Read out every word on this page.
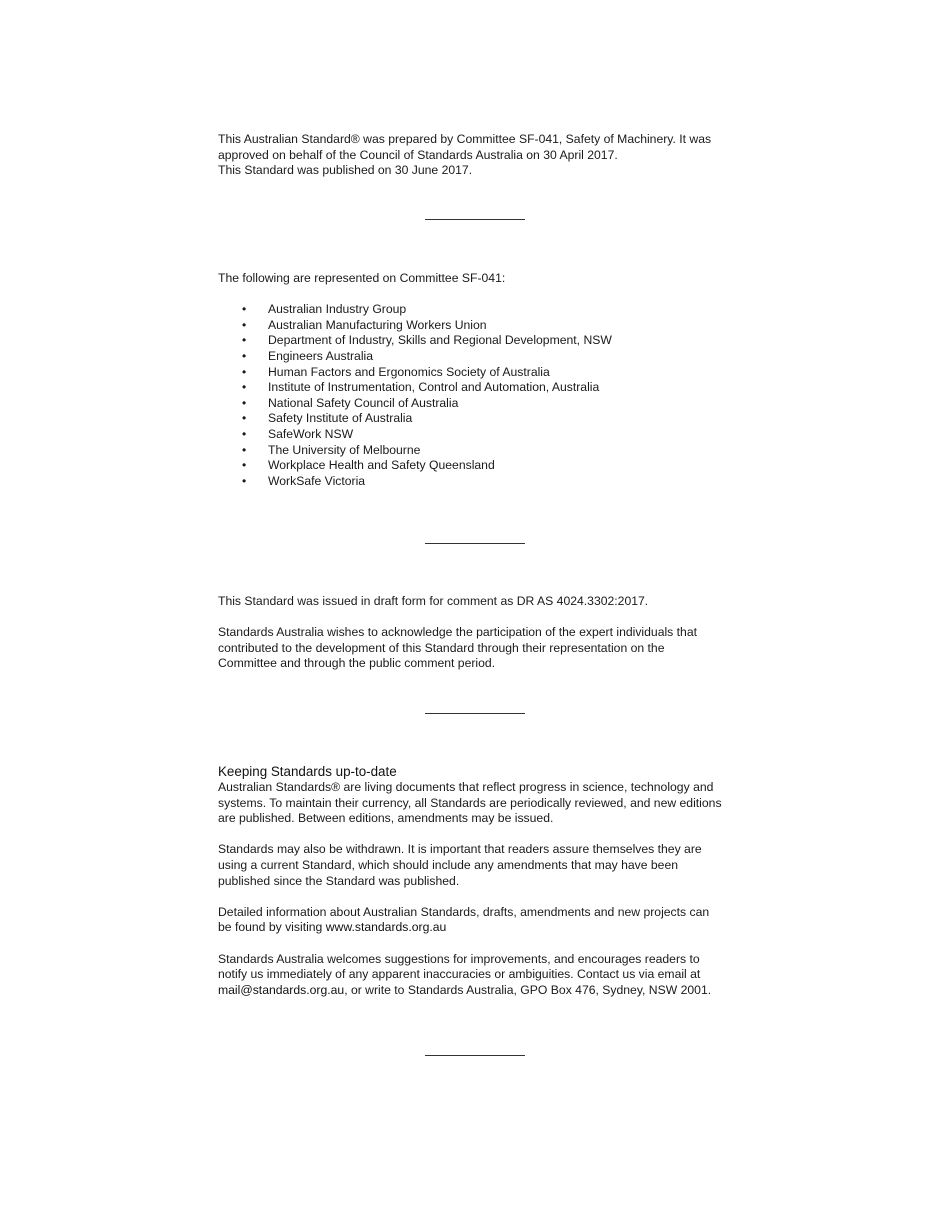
This Australian Standard® was prepared by Committee SF-041, Safety of Machinery. It was

approved on behalf of the Council of Standards Australia on 30 April 2017.

This Standard was published on 30 June 2017.

The following are represented on Committee SF-041:

• Australian Industry Group
• Australian Manufacturing Workers Union
• Department of Industry, Skills and Regional Development, NSW
• Engineers Australia
• Human Factors and Ergonomics Society of Australia
• Institute of Instrumentation, Control and Automation, Australia
• National Safety Council of Australia
• Safety Institute of Australia
• SafeWork NSW
• The University of Melbourne
• Workplace Health and Safety Queensland
• WorkSafe Victoria

This Standard was issued in draft form for comment as DR AS 4024.3302:2017.

Standards Australia wishes to acknowledge the participation of the expert individuals that

contributed to the development of this Standard through their representation on the

Committee and through the public comment period.

Keeping Standards up-to-date

Australian Standards® are living documents that reflect progress in science, technology and

systems. To maintain their currency, all Standards are periodically reviewed, and new editions

are published. Between editions, amendments may be issued.

Standards may also be withdrawn. It is important that readers assure themselves they are

using a current Standard, which should include any amendments that may have been

published since the Standard was published.

Detailed information about Australian Standards, drafts, amendments and new projects can

be found by visiting www.standards.org.au

Standards Australia welcomes suggestions for improvements, and encourages readers to

notify us immediately of any apparent inaccuracies or ambiguities. Contact us via email at

mail@standards.org.au, or write to Standards Australia, GPO Box 476, Sydney, NSW 2001.
